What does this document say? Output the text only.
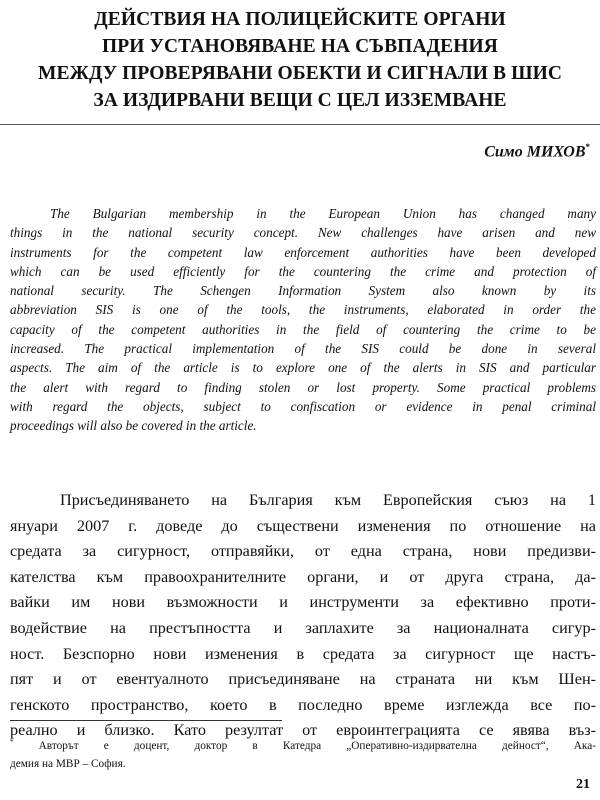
ДЕЙСТВИЯ НА ПОЛИЦЕЙСКИТЕ ОРГАНИ
ПРИ УСТАНОВЯВАНЕ НА СЪВПАДЕНИЯ
МЕЖДУ ПРОВЕРЯВАНИ ОБЕКТИ И СИГНАЛИ В ШИС
ЗА ИЗДИРВАНИ ВЕЩИ С ЦЕЛ ИЗЗЕМВАНЕ
Симо МИХОВ*
The Bulgarian membership in the European Union has changed many
things in the national security concept. New challenges have arisen and new
instruments for the competent law enforcement authorities have been developed
which can be used efficiently for the countering the crime and protection of
national security. The Schengen Information System also known by its
abbreviation SIS is one of the tools, the instruments, elaborated in order the
capacity of the competent authorities in the field of countering the crime to be
increased. The practical implementation of the SIS could be done in several
aspects. The aim of the article is to explore one of the alerts in SIS and particular
the alert with regard to finding stolen or lost property. Some practical problems
with regard the objects, subject to confiscation or evidence in penal criminal
proceedings will also be covered in the article.
Присъединяването на България към Европейския съюз на 1
януари 2007 г. доведе до съществени изменения по отношение на
средата за сигурност, отправяйки, от една страна, нови предизви-
кателства към правоохранителните органи, и от друга страна, да-
вайки им нови възможности и инструменти за ефективно проти-
водействие на престъпността и заплахите за националната сигур-
ност. Безспорно нови изменения в средата за сигурност ще настъ-
пят и от евентуалното присъединяване на страната ни към Шен-
генското пространство, което в последно време изглежда все по-
реално и близко. Като резултат от евроинтеграцията се явява въз-
* Авторът е доцент, доктор в Катедра „Оперативно-издирвателна дейност“, Ака-
демия на МВР – София.
21
